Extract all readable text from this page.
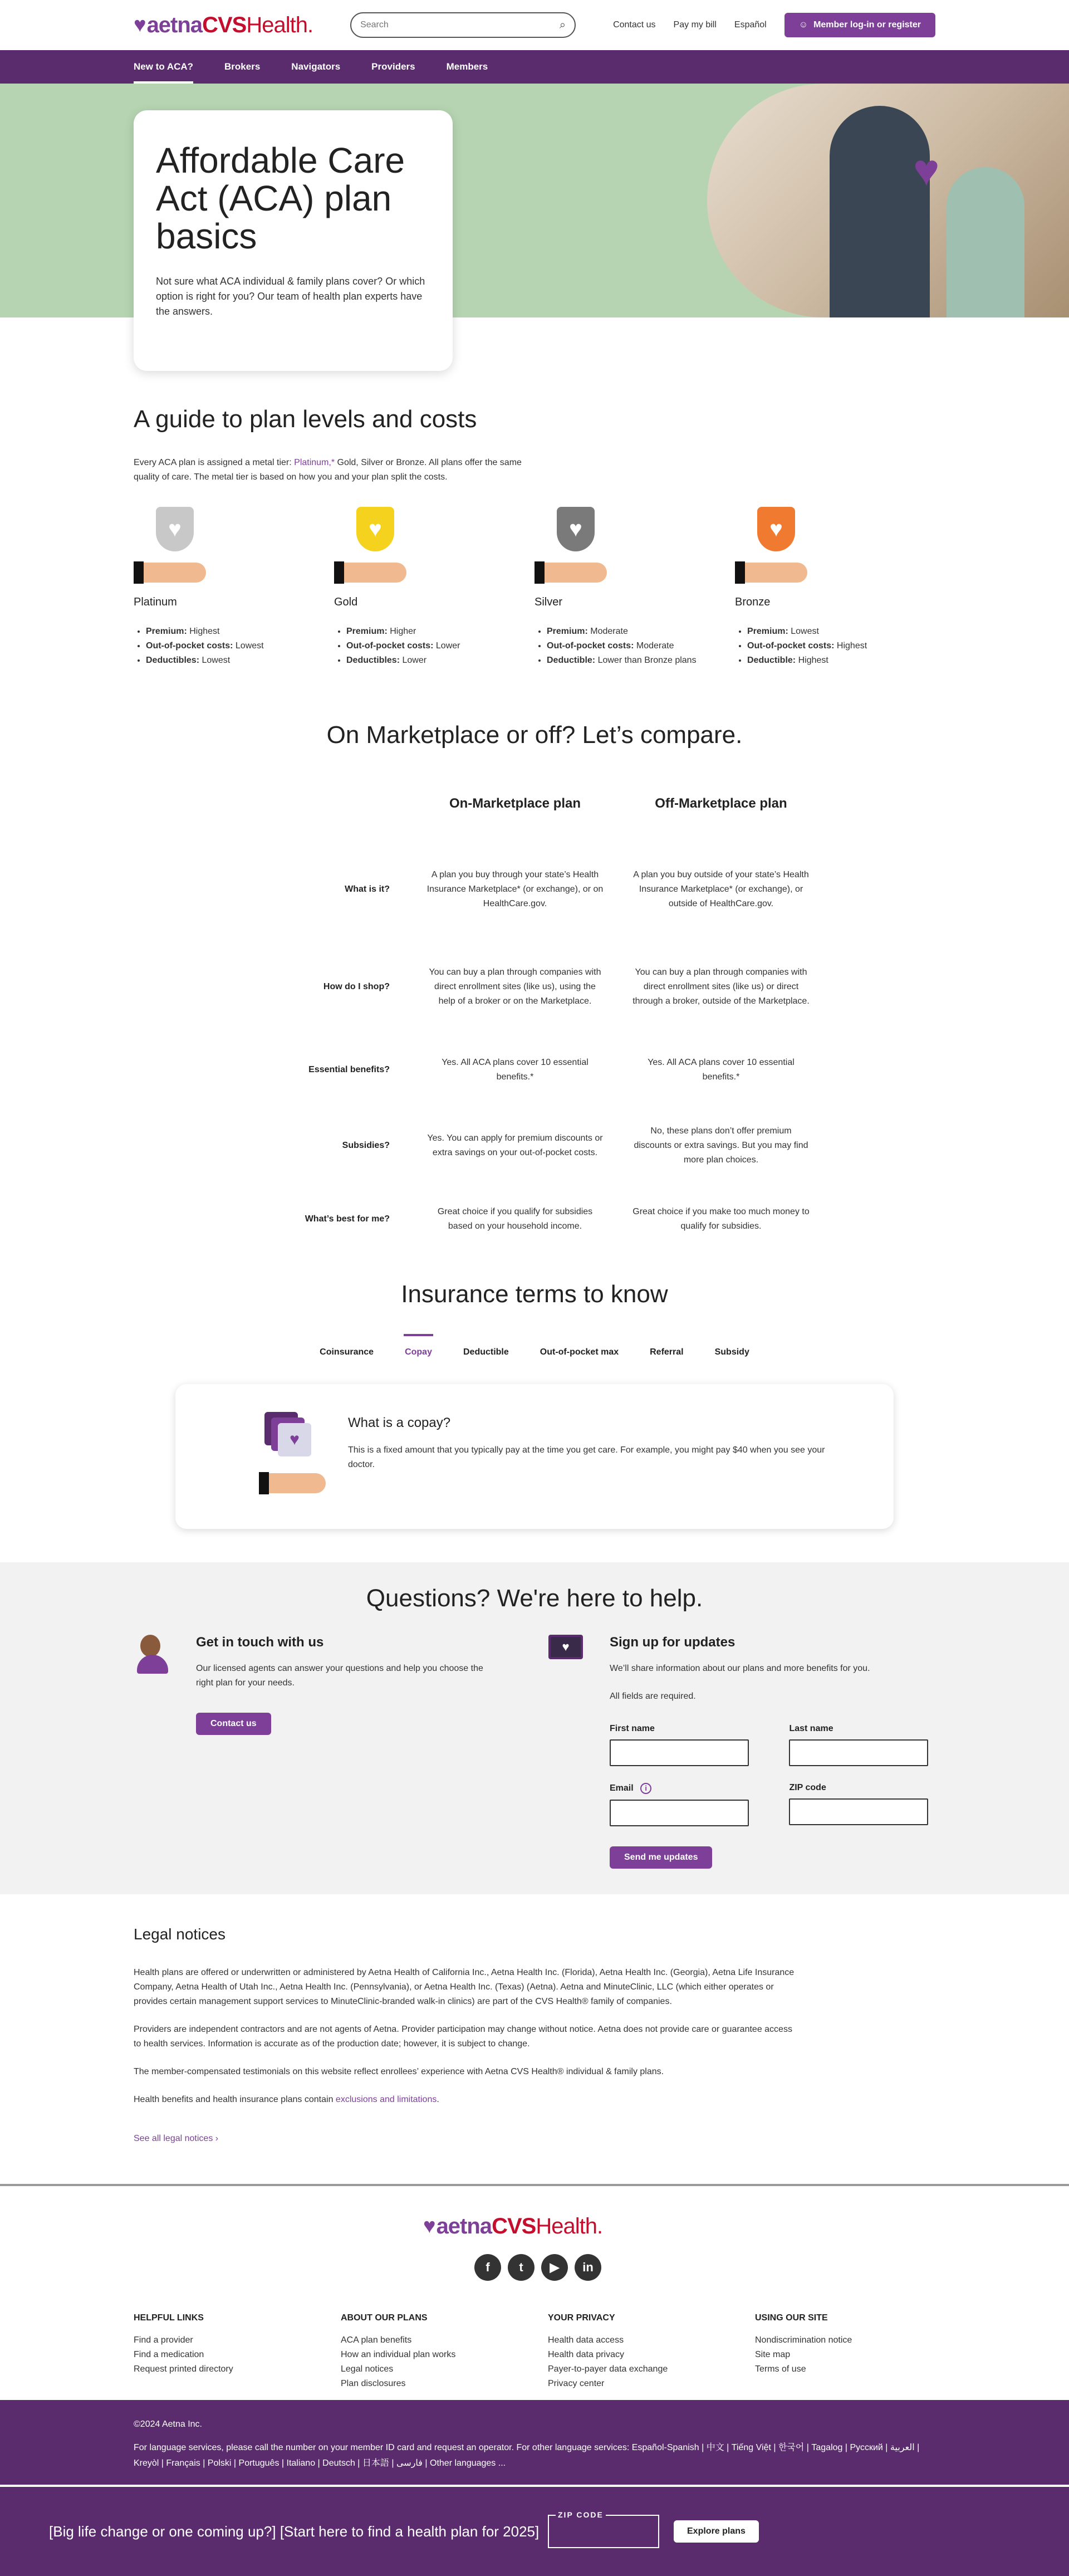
♥ aetna CVS Health .
Search	⌕	Contact us Pay my bill Español	☺ Member log-in or register
New to ACA?	Brokers	Navigators	Providers	Members
♥
Affordable Care Act (ACA) plan basics

Not sure what ACA individual & family plans cover? Or which option is right for you? Our team of health plan experts have the answers.

A guide to plan levels and costs

Every ACA plan is assigned a metal tier: Platinum,* Gold, Silver or Bronze. All plans offer the same quality of care. The metal tier is based on how you and your plan split the costs.

♥
Platinum
• Premium: Highest
• Out-of-pocket costs: Lowest
• Deductibles: Lowest
♥
Gold
• Premium: Higher
• Out-of-pocket costs: Lower
• Deductibles: Lower
♥
Silver
• Premium: Moderate
• Out-of-pocket costs: Moderate
• Deductible: Lower than Bronze plans
♥
Bronze
• Premium: Lowest
• Out-of-pocket costs: Highest
• Deductible: Highest
On Marketplace or off? Let’s compare.
On-Marketplace plan	Off-Marketplace plan
What is it?
A plan you buy through your state’s Health Insurance Marketplace* (or exchange), or on HealthCare.gov.
A plan you buy outside of your state’s Health Insurance Marketplace* (or exchange), or outside of HealthCare.gov.
How do I shop?
You can buy a plan through companies with direct enrollment sites (like us), using the help of a broker or on the Marketplace.
You can buy a plan through companies with direct enrollment sites (like us) or direct through a broker, outside of the Marketplace.
Essential benefits?
Yes. All ACA plans cover 10 essential benefits.*
Yes. All ACA plans cover 10 essential benefits.*
Subsidies?
Yes. You can apply for premium discounts or extra savings on your out-of-pocket costs.
No, these plans don’t offer premium discounts or extra savings. But you may find more plan choices.
What’s best for me?
Great choice if you qualify for subsidies based on your household income.
Great choice if you make too much money to qualify for subsidies.
Insurance terms to know
Coinsurance	Copay	Deductible	Out-of-pocket max	Referral	Subsidy
♥
What is a copay?

This is a fixed amount that you typically pay at the time you get care. For example, you might pay $40 when you see your doctor.

Questions? We're here to help.
Get in touch with us

Our licensed agents can answer your questions and help you choose the right plan for your needs.

Contact us
♥	Sign up for updates

We’ll share information about our plans and more benefits for you.

All fields are required.

First name
	Last name
Email i
	ZIP code
Send me updates
Legal notices

Health plans are offered or underwritten or administered by Aetna Health of California Inc., Aetna Health Inc. (Florida), Aetna Health Inc. (Georgia), Aetna Life Insurance Company, Aetna Health of Utah Inc., Aetna Health Inc. (Pennsylvania), or Aetna Health Inc. (Texas) (Aetna). Aetna and MinuteClinic, LLC (which either operates or provides certain management support services to MinuteClinic-branded walk-in clinics) are part of the CVS Health® family of companies.

Providers are independent contractors and are not agents of Aetna. Provider participation may change without notice. Aetna does not provide care or guarantee access to health services. Information is accurate as of the production date; however, it is subject to change.

The member-compensated testimonials on this website reflect enrollees’ experience with Aetna CVS Health® individual & family plans.

Health benefits and health insurance plans contain exclusions and limitations.

See all legal notices ›
♥ aetna CVS Health .
f	t	▶	in
HELPFUL LINKS
Find a provider
Find a medication
Request printed directory
ABOUT OUR PLANS
ACA plan benefits
How an individual plan works
Legal notices
Plan disclosures
YOUR PRIVACY
Health data access
Health data privacy
Payer-to-payer data exchange
Privacy center
USING OUR SITE
Nondiscrimination notice
Site map
Terms of use

©2024 Aetna Inc.

For language services, please call the number on your member ID card and request an operator. For other language services: Español-Spanish | 中文 | Tiếng Việt | 한국어 | Tagalog | Русский | العربية | Kreyòl | Français | Polski | Português | Italiano | Deutsch | 日本語 | فارسی | Other languages ...

[Big life change or one coming up?] [Start here to find a health plan for 2025]
ZIP CODE
Explore plans
